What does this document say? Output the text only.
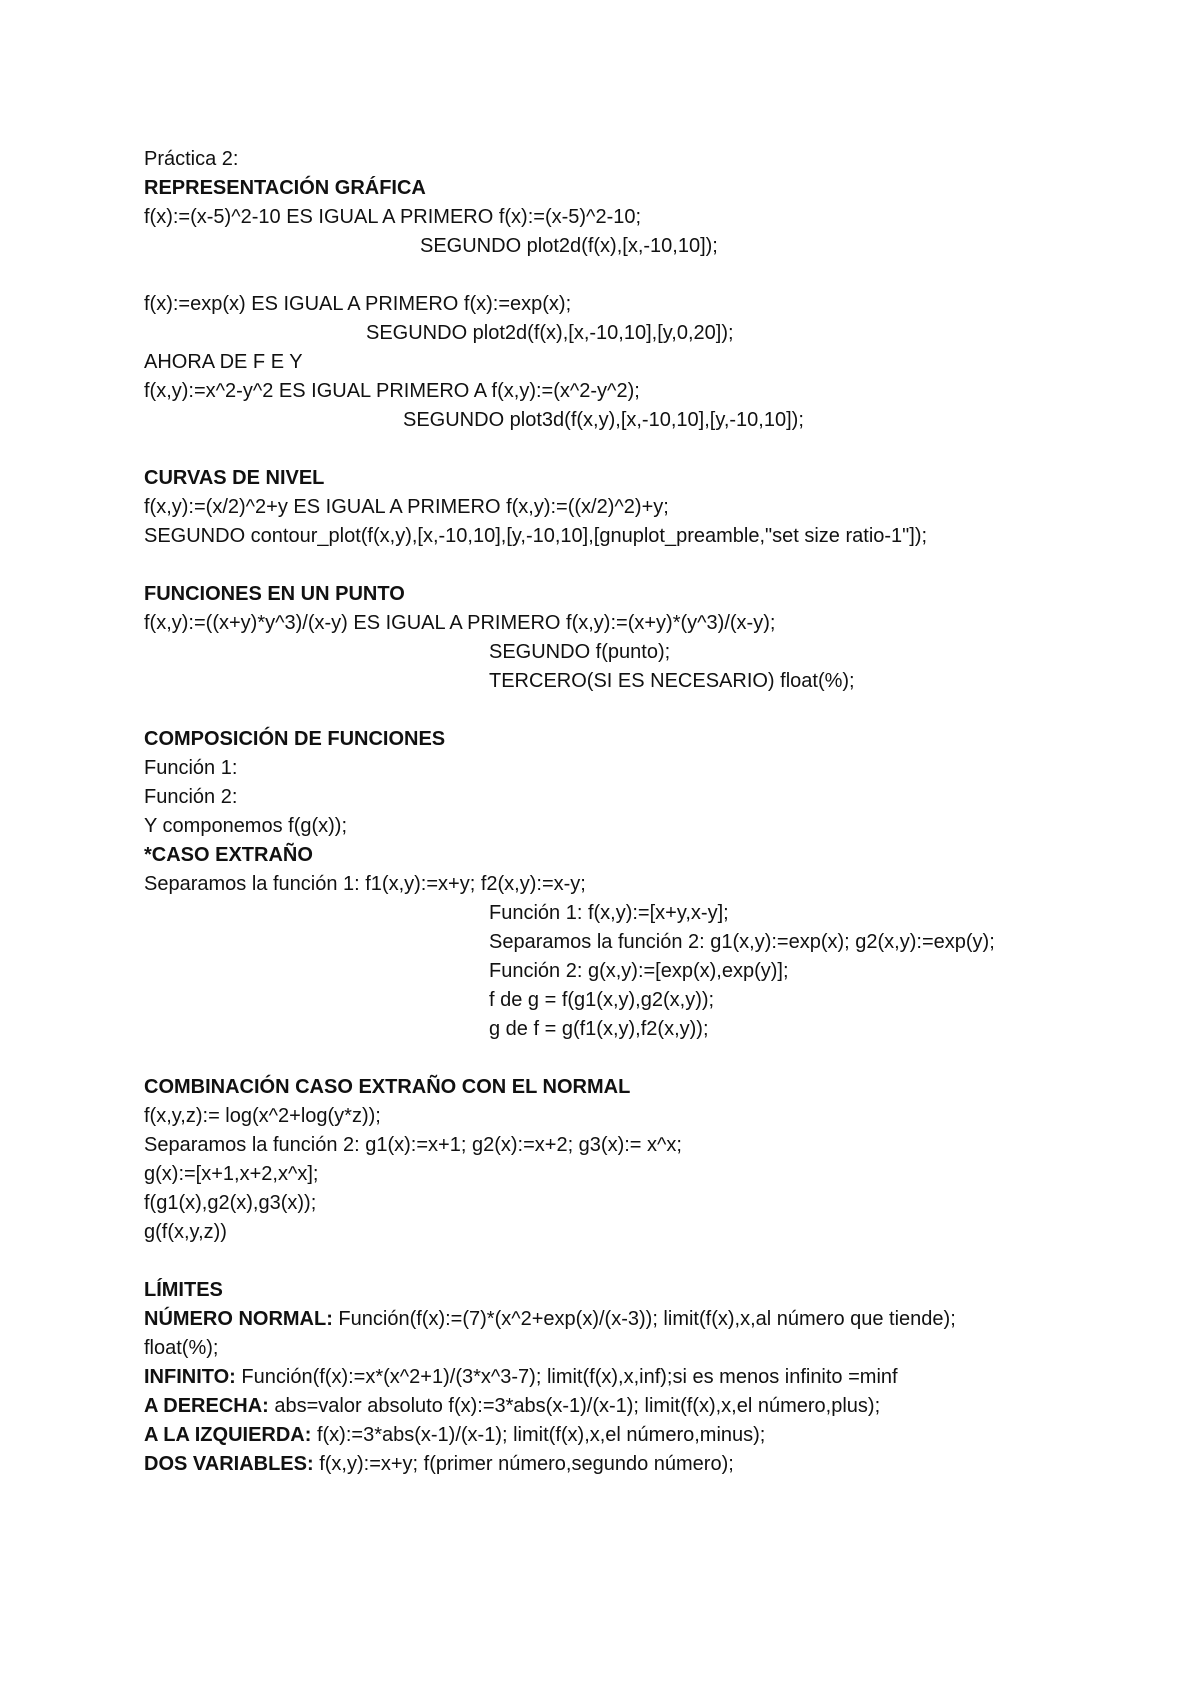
Práctica 2:
REPRESENTACIÓN GRÁFICA
f(x):=(x-5)^2-10 ES IGUAL A PRIMERO f(x):=(x-5)^2-10;
SEGUNDO plot2d(f(x),[x,-10,10]);
f(x):=exp(x) ES IGUAL A PRIMERO f(x):=exp(x);
SEGUNDO plot2d(f(x),[x,-10,10],[y,0,20]);
AHORA DE F E Y
f(x,y):=x^2-y^2 ES IGUAL PRIMERO A f(x,y):=(x^2-y^2);
SEGUNDO plot3d(f(x,y),[x,-10,10],[y,-10,10]);
CURVAS DE NIVEL
f(x,y):=(x/2)^2+y ES IGUAL A PRIMERO f(x,y):=((x/2)^2)+y;
SEGUNDO contour_plot(f(x,y),[x,-10,10],[y,-10,10],[gnuplot_preamble,"set size ratio-1"]);
FUNCIONES EN UN PUNTO
f(x,y):=((x+y)*y^3)/(x-y) ES IGUAL A PRIMERO f(x,y):=(x+y)*(y^3)/(x-y);
SEGUNDO f(punto);
TERCERO(SI ES NECESARIO) float(%);
COMPOSICIÓN DE FUNCIONES
Función 1:
Función 2:
Y componemos f(g(x));
*CASO EXTRAÑO
Separamos la función 1: f1(x,y):=x+y; f2(x,y):=x-y;
Función 1: f(x,y):=[x+y,x-y];
Separamos la función 2: g1(x,y):=exp(x); g2(x,y):=exp(y);
Función 2: g(x,y):=[exp(x),exp(y)];
f de g = f(g1(x,y),g2(x,y));
g de f = g(f1(x,y),f2(x,y));
COMBINACIÓN CASO EXTRAÑO CON EL NORMAL
f(x,y,z):= log(x^2+log(y*z));
Separamos la función 2: g1(x):=x+1; g2(x):=x+2; g3(x):= x^x;
g(x):=[x+1,x+2,x^x];
f(g1(x),g2(x),g3(x));
g(f(x,y,z))
LÍMITES
NÚMERO NORMAL: Función(f(x):=(7)*(x^2+exp(x)/(x-3)); limit(f(x),x,al número que tiende);
float(%);
INFINITO: Función(f(x):=x*(x^2+1)/(3*x^3-7); limit(f(x),x,inf);si es menos infinito =minf
A DERECHA: abs=valor absoluto f(x):=3*abs(x-1)/(x-1); limit(f(x),x,el número,plus);
A LA IZQUIERDA: f(x):=3*abs(x-1)/(x-1); limit(f(x),x,el número,minus);
DOS VARIABLES: f(x,y):=x+y; f(primer número,segundo número);
